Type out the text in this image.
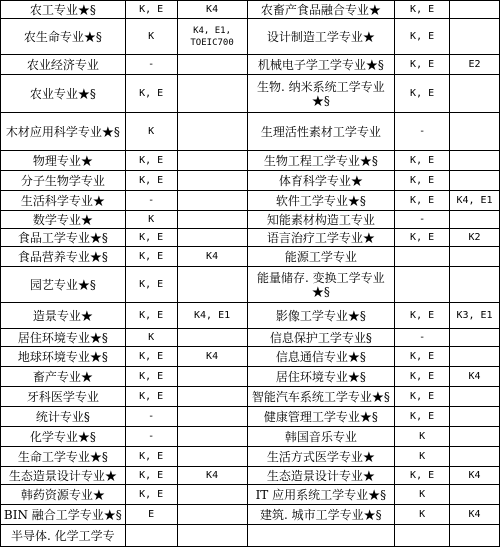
农工专业★§	K, E	K4	农畜产食品融合专业★	K, E	
农生命专业★§	K	K4, E1, TOEIC700	设计制造工学专业★	K, E	
农业经济专业	-		机械电子学工学专业★§	K, E	E2
农业专业★§	K, E		生物. 纳米系统工学专业★§	K, E	
木材应用科学专业★§	K		生理活性素材工学专业	-	
物理专业★	K, E		生物工程工学专业★§	K, E	
分子生物学专业	K, E		体育科学专业★	K, E	
生活科学专业★	-		软件工学专业★§	K, E	K4, E1
数学专业★	K		知能素材构造工专业	-	
食品工学专业★§	K, E		语言治疗工学专业★	K, E	K2
食品营养专业★§	K, E	K4	能源工学专业		
园艺专业★§	K, E		能量储存. 变换工学专业★§		
造景专业★	K, E	K4, E1	影像工学专业★§	K, E	K3, E1
居住环境专业★§	K		信息保护工学专业§	-	
地球环境专业★§	K, E	K4	信息通信专业★§	K, E	
畜产专业★	K, E		居住环境专业★§	K, E	K4
牙科医学专业	K, E		智能汽车系统工学专业★§	K, E	
统计专业§	-		健康管理工学专业★§	K, E	
化学专业★§	-		韩国音乐专业	K	
生命工学专业★§	K, E		生活方式医学专业★	K	
生态造景设计专业★	K, E	K4	生态造景设计专业★	K, E	K4
韩药资源专业★	K, E		IT 应用系统工学专业★§	K	
BIN 融合工学专业★§	E		建筑. 城市工学专业★§	K	K4
半导体. 化学工学专					
